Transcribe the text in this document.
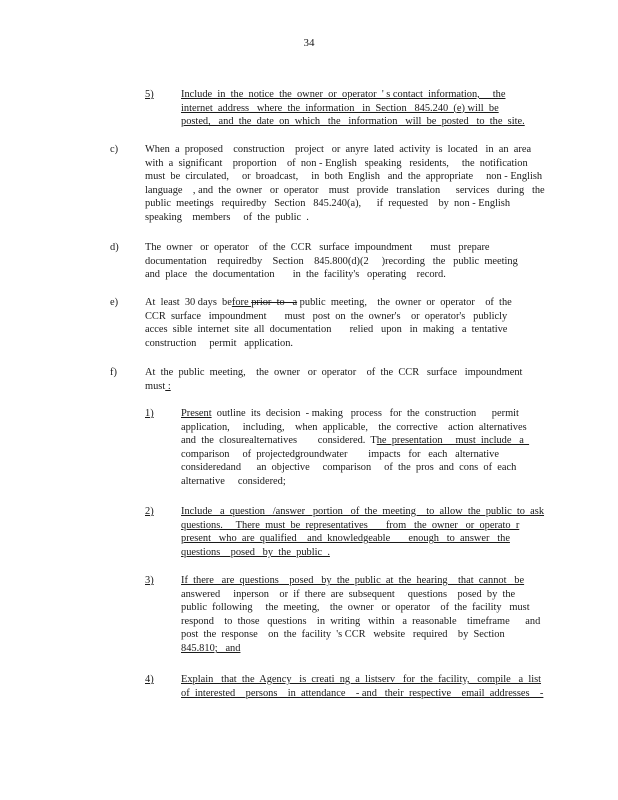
34
5)	Include  in  the  notice  the  owner  or  operator  ' s contact  information,     the
internet  address   where  the  information   in  Section   845.240  (e) will  be
posted,   and  the  date  on  which   the   information   will  be  posted   to  the  site.
c)	When  a  proposed    construction    project   or  anyre  lated  activity  is  located   in  an  area
with  a  significant    proportion    of  non - English   speaking   residents,     the  notification
must  be  circulated,     or  broadcast,     in  both  English   and  the  appropriate     non - English
language    , and  the  owner   or  operator    must   provide   translation      services   during   the
public  meetings   requiredby   Section   845.240(a),      if  requested    by  non - English
speaking    members     of  the  public  .
d)	The  owner   or  operator    of  the  CCR   surface  impoundment       must   prepare
documentation    requiredby    Section    845.800(d)(2     )recording   the   public  meeting
and  place   the  documentation       in  the  facility's   operating    record.
e)	At  least  30 days  before prior  to   a public  meeting,    the  owner  or  operator    of  the
CCR  surface   impoundment       must   post  on  the  owner's    or  operator's   publicly
acces  sible  internet  site  all  documentation       relied   upon   in  making   a  tentative
construction     permit   application.
f)	At  the  public  meeting,    the  owner   or  operator    of  the  CCR   surface   impoundment
must :
1)	Present  outline  its  decision  - making   process   for  the  construction      permit
application,     including,    when  applicable,    the  corrective    action  alternatives
and  the  closurealternatives        considered.  The  presentation     must  include   a
comparison     of  projectedgroundwater        impacts   for   each   alternative
consideredand      an  objective     comparison     of  the  pros  and  cons  of  each
alternative     considered;
2)	Include   a  question   /answer   portion   of  the  meeting    to  allow  the  public  to  ask
questions.     There  must  be  representatives       from   the  owner   or  operato  r
present   who  are  qualified    and  knowledgeable       enough   to  answer   the
questions    posed   by  the  public  .
3)	If  there   are  questions    posed   by  the  public  at  the  hearing    that  cannot   be
answered     inperson    or  if  there  are  subsequent     questions    posed  by  the
public  following     the  meeting,    the  owner   or  operator    of  the  facility   must
respond    to  those   questions    in  writing   within   a  reasonable    timeframe      and
post  the  response    on  the  facility  's CCR   website   required    by  Section
845.810;   and
4)	Explain   that  the  Agency   is  creati  ng  a  listserv   for  the  facility,   compile   a  list
of  interested    persons    in  attendance    - and   their  respective    email  addresses    -
